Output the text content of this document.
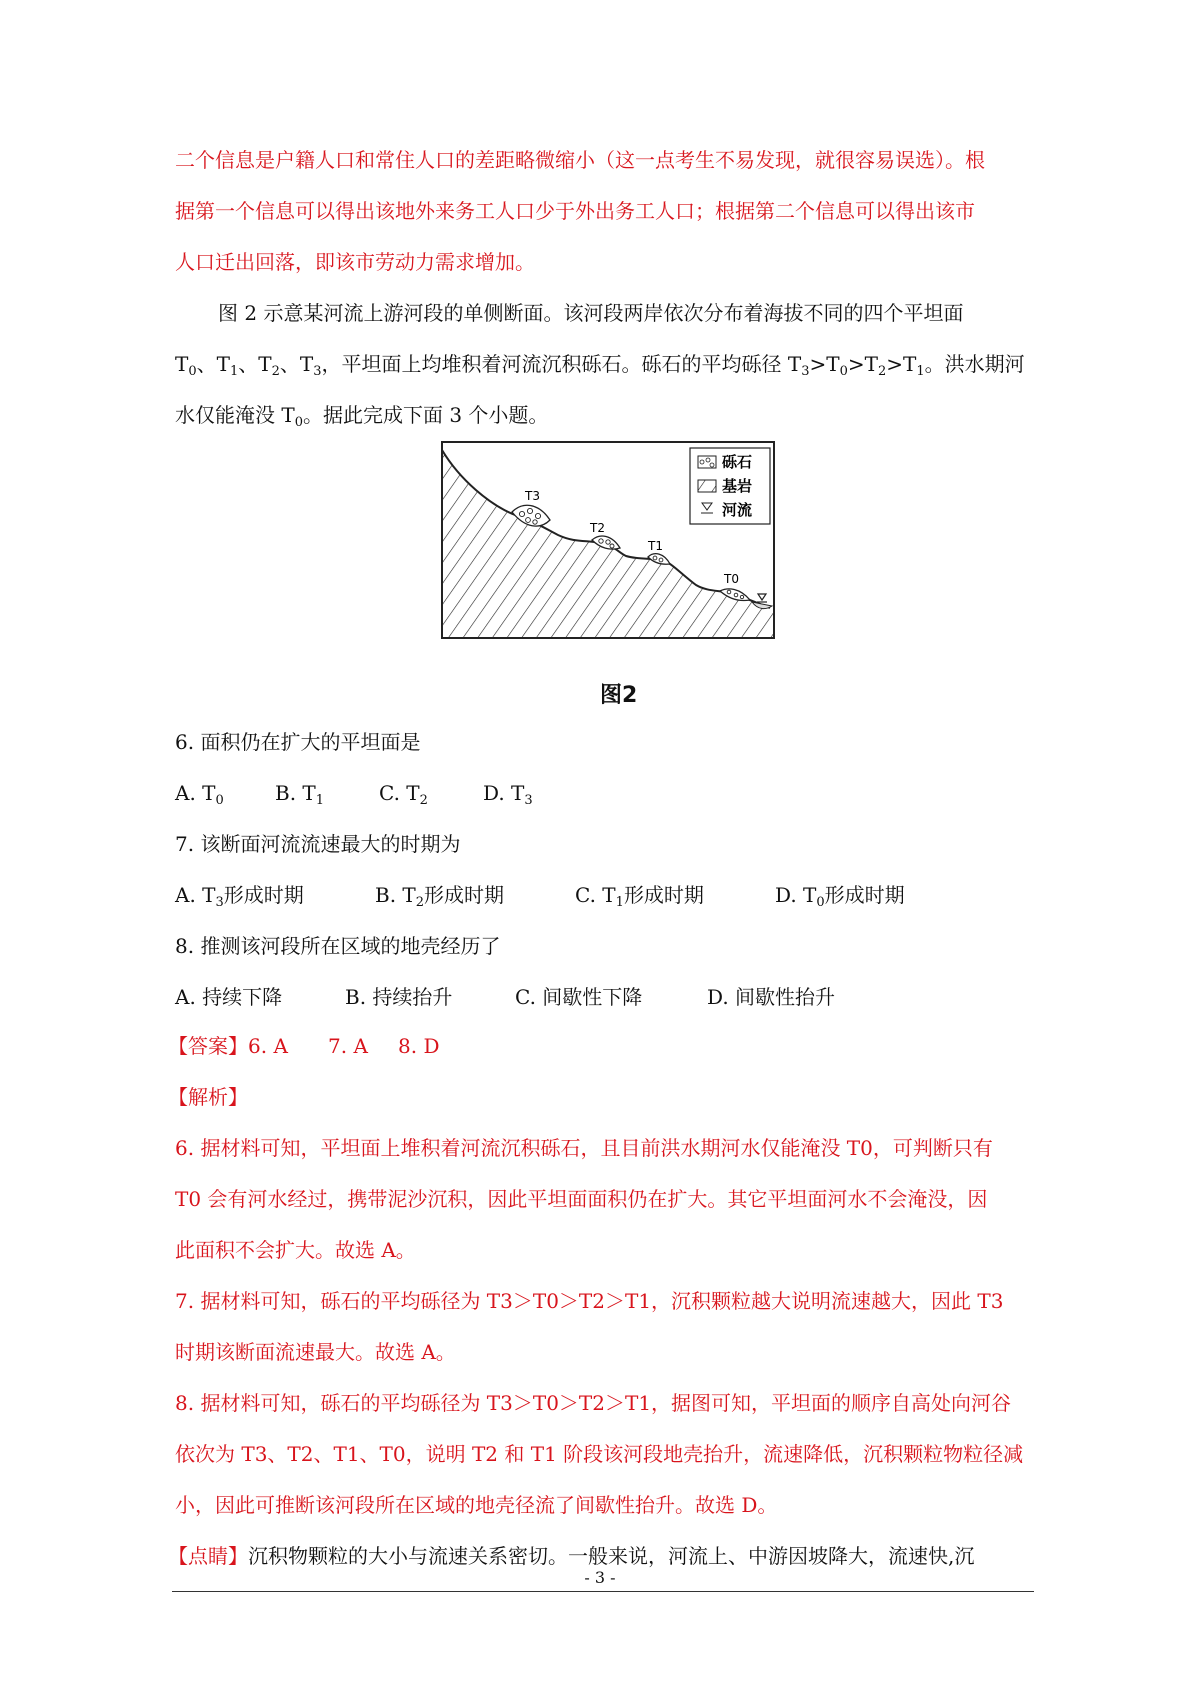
二个信息是户籍人口和常住人口的差距略微缩小（这一点考生不易发现，就很容易误选）。根
据第一个信息可以得出该地外来务工人口少于外出务工人口；根据第二个信息可以得出该市
人口迁出回落，即该市劳动力需求增加。
图 2 示意某河流上游河段的单侧断面。该河段两岸依次分布着海拔不同的四个平坦面
$T_0$、$T_1$、$T_2$、$T_3$，平坦面上均堆积着河流沉积砾石。砾石的平均砾径 $T_3>T_0>T_2>T_1$。洪水期河
水仅能淹没 $T_0$。据此完成下面 3 个小题。
T3
T2
T1
T0
砾石
基岩
河流
图2
6. 面积仍在扩大的平坦面是
A. $T_0$	B. $T_1$	C. $T_2$	D. $T_3$
7. 该断面河流流速最大的时期为
A. $T_3$形成时期	B. $T_2$形成时期	C. $T_1$形成时期	D. $T_0$形成时期
8. 推测该河段所在区域的地壳经历了
A. 持续下降	B. 持续抬升	C. 间歇性下降	D. 间歇性抬升
【答案】6. A 7. A 8. D
【解析】
6. 据材料可知，平坦面上堆积着河流沉积砾石，且目前洪水期河水仅能淹没 T0，可判断只有
T0 会有河水经过，携带泥沙沉积，因此平坦面面积仍在扩大。其它平坦面河水不会淹没，因
此面积不会扩大。故选 A。
7. 据材料可知，砾石的平均砾径为 T3＞T0＞T2＞T1，沉积颗粒越大说明流速越大，因此 T3
时期该断面流速最大。故选 A。
8. 据材料可知，砾石的平均砾径为 T3＞T0＞T2＞T1，据图可知，平坦面的顺序自高处向河谷
依次为 T3、T2、T1、T0，说明 T2 和 T1 阶段该河段地壳抬升，流速降低，沉积颗粒物粒径减
小，因此可推断该河段所在区域的地壳径流了间歇性抬升。故选 D。
【点睛】沉积物颗粒的大小与流速关系密切。一般来说，河流上、中游因坡降大，流速快,沉
- 3 -
